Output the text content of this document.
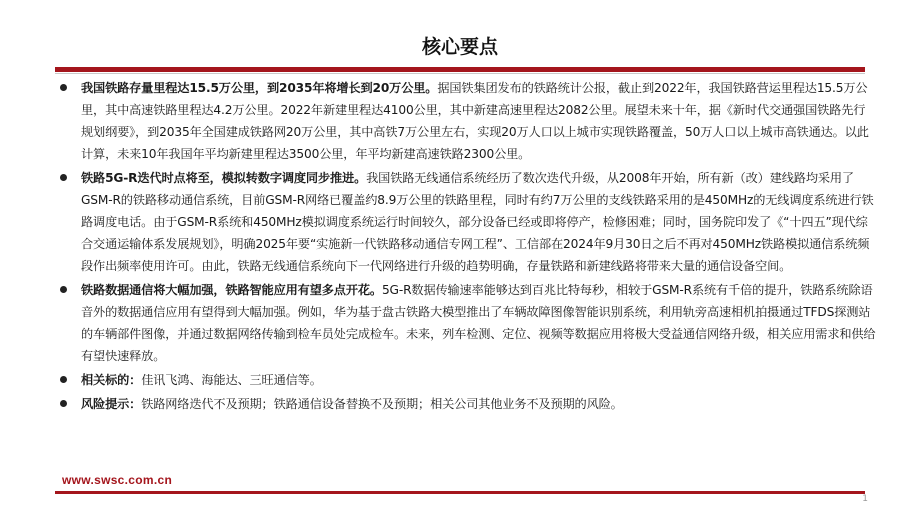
核心要点
我国铁路存量里程达15.5万公里，到2035年将增长到20万公里。据国铁集团发布的铁路统计公报，截止到2022年，我国铁路营运里程达15.5万公里，其中高速铁路里程达4.2万公里。2022年新建里程达4100公里，其中新建高速里程达2082公里。展望未来十年，据《新时代交通强国铁路先行规划纲要》，到2035年全国建成铁路网20万公里，其中高铁7万公里左右，实现20万人口以上城市实现铁路覆盖，50万人口以上城市高铁通达。以此计算，未来10年我国年平均新建里程达3500公里，年平均新建高速铁路2300公里。
铁路5G-R迭代时点将至，模拟转数字调度同步推进。我国铁路无线通信系统经历了数次迭代升级，从2008年开始，所有新（改）建线路均采用了GSM-R的铁路移动通信系统，目前GSM-R网络已覆盖约8.9万公里的铁路里程，同时有约7万公里的支线铁路采用的是450MHz的无线调度系统进行铁路调度电话。由于GSM-R系统和450MHz模拟调度系统运行时间较久，部分设备已经或即将停产，检修困难；同时，国务院印发了《“十四五”现代综合交通运输体系发展规划》，明确2025年要“实施新一代铁路移动通信专网工程”、工信部在2024年9月30日之后不再对450MHz铁路模拟通信系统频段作出频率使用许可。由此，铁路无线通信系统向下一代网络进行升级的趋势明确，存量铁路和新建线路将带来大量的通信设备空间。
铁路数据通信将大幅加强，铁路智能应用有望多点开花。5G-R数据传输速率能够达到百兆比特每秒，相较于GSM-R系统有千倍的提升，铁路系统除语音外的数据通信应用有望得到大幅加强。例如，华为基于盘古铁路大模型推出了车辆故障图像智能识别系统，利用轨旁高速相机拍摄通过TFDS探测站的车辆部件图像，并通过数据网络传输到检车员处完成检车。未来，列车检测、定位、视频等数据应用将极大受益通信网络升级，相关应用需求和供给有望快速释放。
相关标的：佳讯飞鸿、海能达、三旺通信等。
风险提示：铁路网络迭代不及预期；铁路通信设备替换不及预期；相关公司其他业务不及预期的风险。
www.swsc.com.cn
1
